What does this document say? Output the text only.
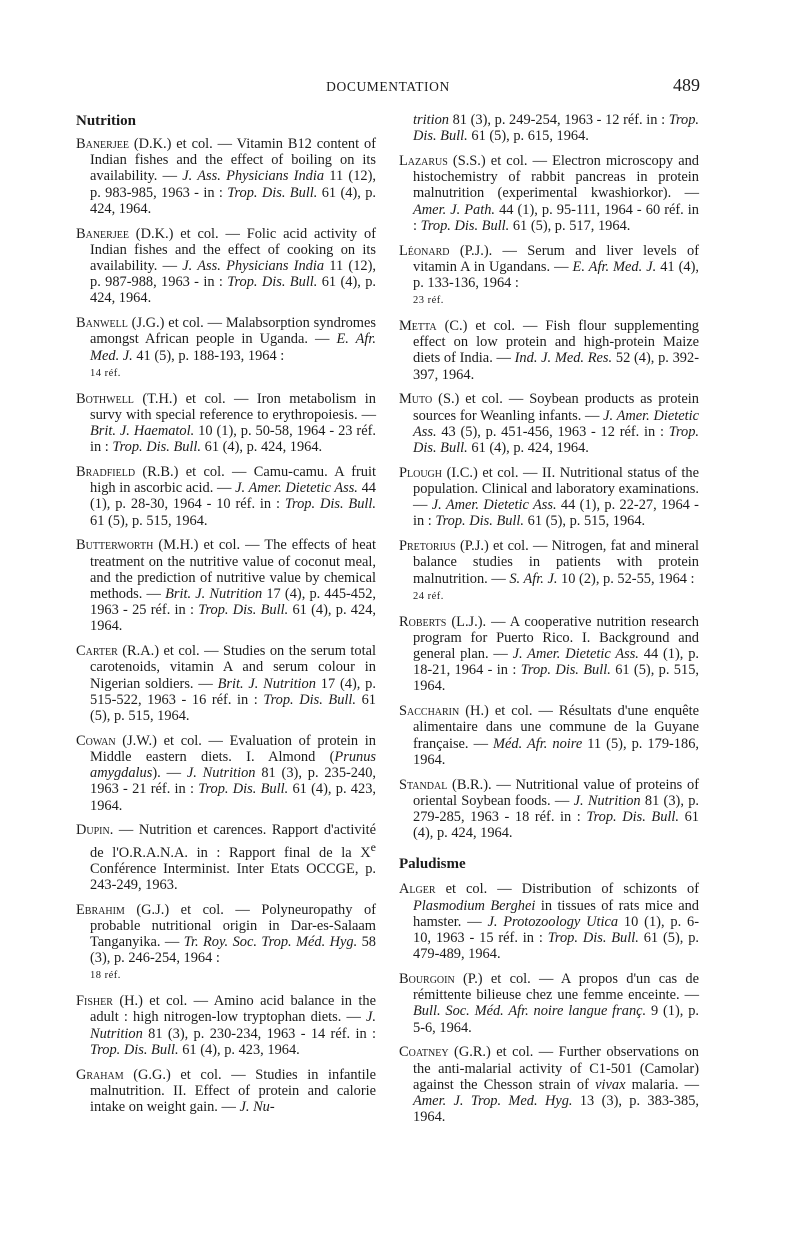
DOCUMENTATION	489
Nutrition

Banerjee (D.K.) et col. — Vitamin B12 content of Indian fishes and the effect of boiling on its availability. — J. Ass. Physicians India 11 (12), p. 983-985, 1963 - in : Trop. Dis. Bull. 61 (4), p. 424, 1964.

Banerjee (D.K.) et col. — Folic acid activity of Indian fishes and the effect of cooking on its availability. — J. Ass. Physicians India 11 (12), p. 987-988, 1963 - in : Trop. Dis. Bull. 61 (4), p. 424, 1964.

Banwell (J.G.) et col. — Malabsorption syndromes amongst African people in Uganda. — E. Afr. Med. J. 41 (5), p. 188-193, 1964 :
14 réf.

Bothwell (T.H.) et col. — Iron metabolism in survy with special reference to erythropoiesis. — Brit. J. Haematol. 10 (1), p. 50-58, 1964 - 23 réf. in : Trop. Dis. Bull. 61 (4), p. 424, 1964.

Bradfield (R.B.) et col. — Camu-camu. A fruit high in ascorbic acid. — J. Amer. Dietetic Ass. 44 (1), p. 28-30, 1964 - 10 réf. in : Trop. Dis. Bull. 61 (5), p. 515, 1964.

Butterworth (M.H.) et col. — The effects of heat treatment on the nutritive value of coconut meal, and the prediction of nutritive value by chemical methods. — Brit. J. Nutrition 17 (4), p. 445-452, 1963 - 25 réf. in : Trop. Dis. Bull. 61 (4), p. 424, 1964.

Carter (R.A.) et col. — Studies on the serum total carotenoids, vitamin A and serum colour in Nigerian soldiers. — Brit. J. Nutrition 17 (4), p. 515-522, 1963 - 16 réf. in : Trop. Dis. Bull. 61 (5), p. 515, 1964.

Cowan (J.W.) et col. — Evaluation of protein in Middle eastern diets. I. Almond (Prunus amygdalus). — J. Nutrition 81 (3), p. 235-240, 1963 - 21 réf. in : Trop. Dis. Bull. 61 (4), p. 423, 1964.

Dupin. — Nutrition et carences. Rapport d'activité de l'O.R.A.N.A. in : Rapport final de la Xe Conférence Interminist. Inter Etats OCCGE, p. 243-249, 1963.

Ebrahim (G.J.) et col. — Polyneuropathy of probable nutritional origin in Dar-es-Salaam Tanganyika. — Tr. Roy. Soc. Trop. Méd. Hyg. 58 (3), p. 246-254, 1964 :
18 réf.

Fisher (H.) et col. — Amino acid balance in the adult : high nitrogen-low tryptophan diets. — J. Nutrition 81 (3), p. 230-234, 1963 - 14 réf. in : Trop. Dis. Bull. 61 (4), p. 423, 1964.

Graham (G.G.) et col. — Studies in infantile malnutrition. II. Effect of protein and calorie intake on weight gain. — J. Nu-

trition 81 (3), p. 249-254, 1963 - 12 réf. in : Trop. Dis. Bull. 61 (5), p. 615, 1964.

Lazarus (S.S.) et col. — Electron microscopy and histochemistry of rabbit pancreas in protein malnutrition (experimental kwashiorkor). — Amer. J. Path. 44 (1), p. 95-111, 1964 - 60 réf. in : Trop. Dis. Bull. 61 (5), p. 517, 1964.

Léonard (P.J.). — Serum and liver levels of vitamin A in Ugandans. — E. Afr. Med. J. 41 (4), p. 133-136, 1964 :
23 réf.

Metta (C.) et col. — Fish flour supplementing effect on low protein and high-protein Maize diets of India. — Ind. J. Med. Res. 52 (4), p. 392-397, 1964.

Muto (S.) et col. — Soybean products as protein sources for Weanling infants. — J. Amer. Dietetic Ass. 43 (5), p. 451-456, 1963 - 12 réf. in : Trop. Dis. Bull. 61 (4), p. 424, 1964.

Plough (I.C.) et col. — II. Nutritional status of the population. Clinical and laboratory examinations. — J. Amer. Dietetic Ass. 44 (1), p. 22-27, 1964 - in : Trop. Dis. Bull. 61 (5), p. 515, 1964.

Pretorius (P.J.) et col. — Nitrogen, fat and mineral balance studies in patients with protein malnutrition. — S. Afr. J. 10 (2), p. 52-55, 1964 :
24 réf.

Roberts (L.J.). — A cooperative nutrition research program for Puerto Rico. I. Background and general plan. — J. Amer. Dietetic Ass. 44 (1), p. 18-21, 1964 - in : Trop. Dis. Bull. 61 (5), p. 515, 1964.

Saccharin (H.) et col. — Résultats d'une enquête alimentaire dans une commune de la Guyane française. — Méd. Afr. noire 11 (5), p. 179-186, 1964.

Standal (B.R.). — Nutritional value of proteins of oriental Soybean foods. — J. Nutrition 81 (3), p. 279-285, 1963 - 18 réf. in : Trop. Dis. Bull. 61 (4), p. 424, 1964.

Paludisme

Alger et col. — Distribution of schizonts of Plasmodium Berghei in tissues of rats mice and hamster. — J. Protozoology Utica 10 (1), p. 6-10, 1963 - 15 réf. in : Trop. Dis. Bull. 61 (5), p. 479-489, 1964.

Bourgoin (P.) et col. — A propos d'un cas de rémittente bilieuse chez une femme enceinte. — Bull. Soc. Méd. Afr. noire langue franç. 9 (1), p. 5-6, 1964.

Coatney (G.R.) et col. — Further observations on the anti-malarial activity of C1-501 (Camolar) against the Chesson strain of vivax malaria. — Amer. J. Trop. Med. Hyg. 13 (3), p. 383-385, 1964.
